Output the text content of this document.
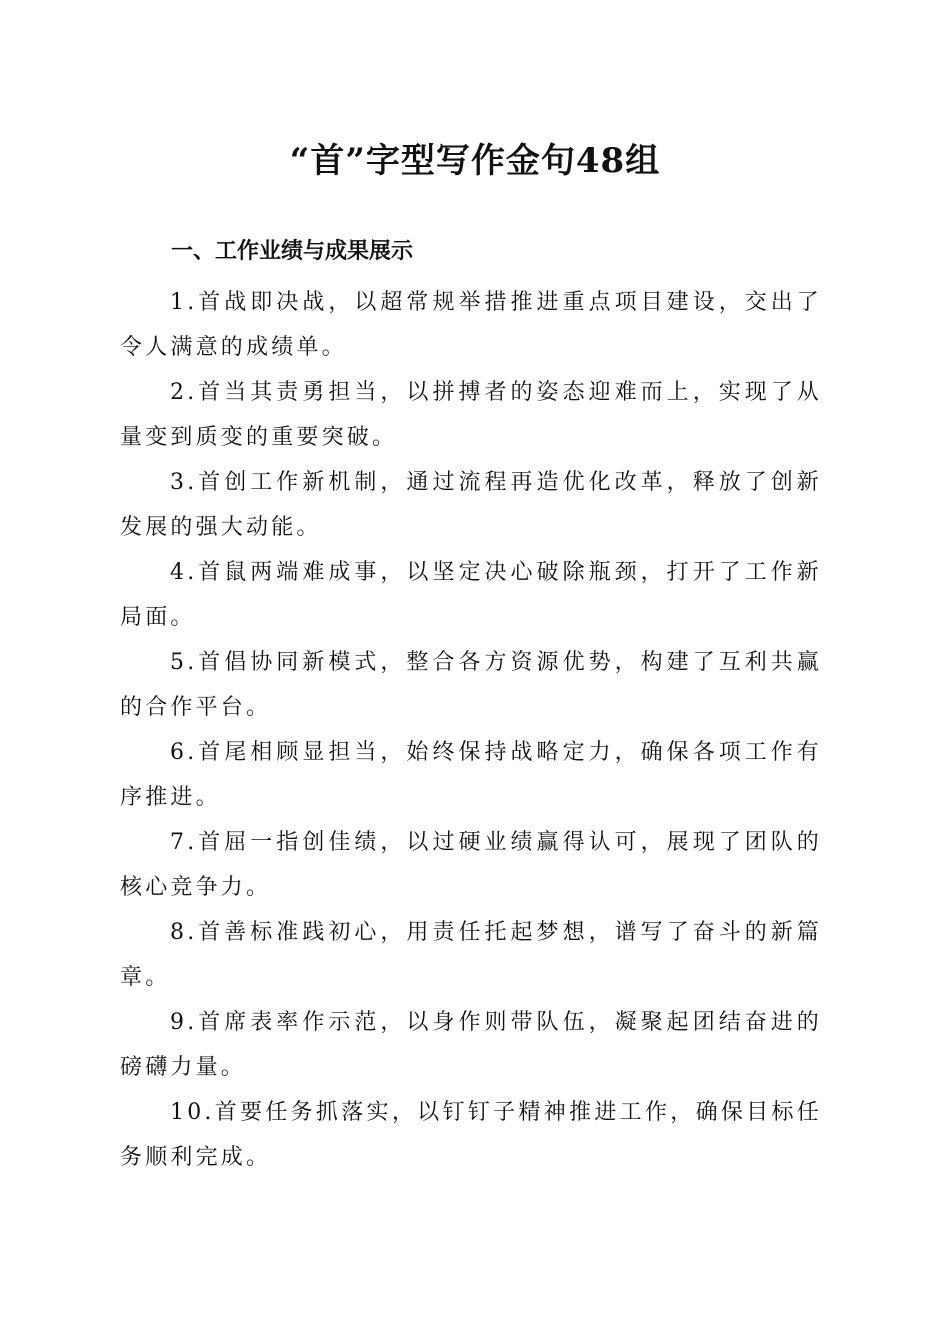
“首”字型写作金句48组
一、工作业绩与成果展示
1.首战即决战，以超常规举措推进重点项目建设，交出了令人满意的成绩单。
2.首当其责勇担当，以拼搏者的姿态迎难而上，实现了从量变到质变的重要突破。
3.首创工作新机制，通过流程再造优化改革，释放了创新发展的强大动能。
4.首鼠两端难成事，以坚定决心破除瓶颈，打开了工作新局面。
5.首倡协同新模式，整合各方资源优势，构建了互利共赢的合作平台。
6.首尾相顾显担当，始终保持战略定力，确保各项工作有序推进。
7.首屈一指创佳绩，以过硬业绩赢得认可，展现了团队的核心竞争力。
8.首善标准践初心，用责任托起梦想，谱写了奋斗的新篇章。
9.首席表率作示范，以身作则带队伍，凝聚起团结奋进的磅礴力量。
10.首要任务抓落实，以钉钉子精神推进工作，确保目标任务顺利完成。
